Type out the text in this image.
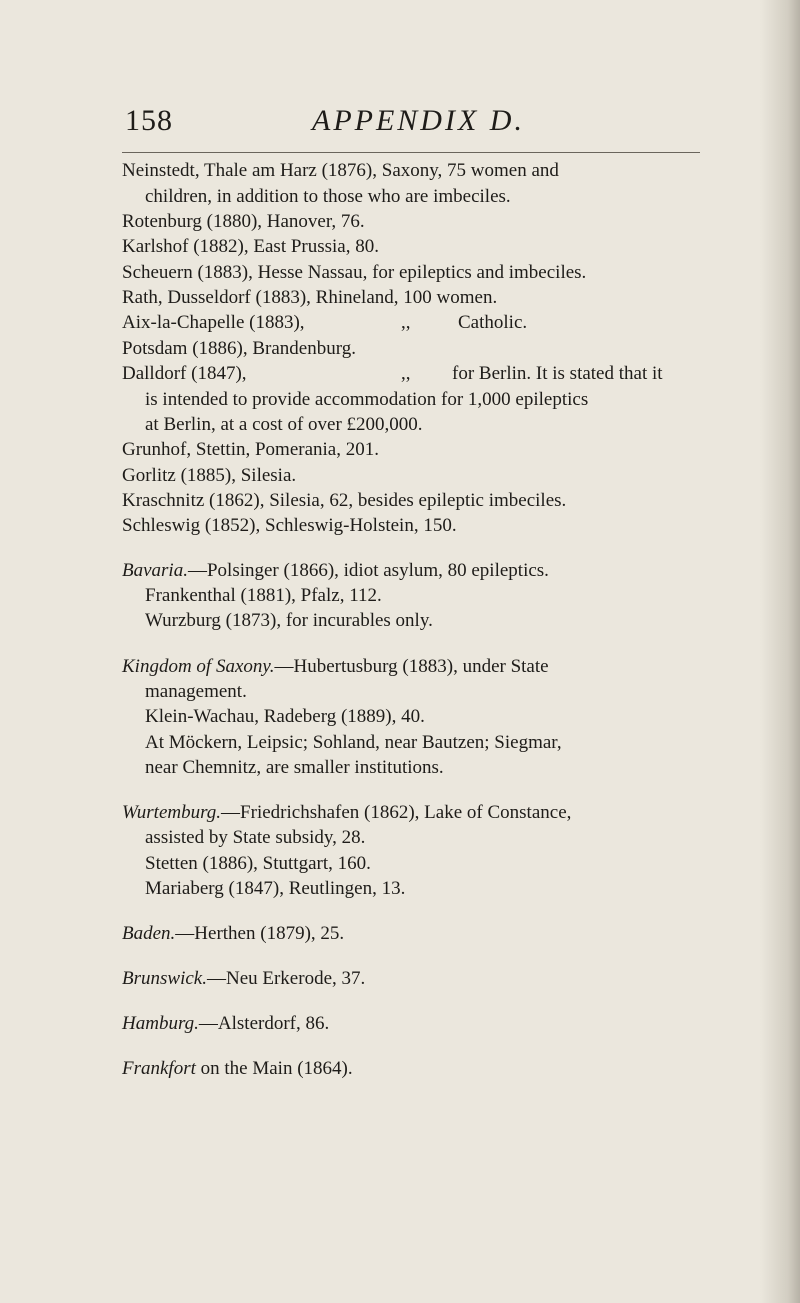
158	APPENDIX D.
Neinstedt, Thale am Harz (1876), Saxony, 75 women and
children, in addition to those who are imbeciles.
Rotenburg (1880), Hanover, 76.
Karlshof (1882), East Prussia, 80.
Scheuern (1883), Hesse Nassau, for epileptics and imbeciles.
Rath, Dusseldorf (1883), Rhineland, 100 women.
Aix-la-Chapelle (1883),	,,	Catholic.
Potsdam (1886), Brandenburg.
Dalldorf (1847),	,, for Berlin. It is stated that it
is intended to provide accommodation for 1,000 epileptics
at Berlin, at a cost of over £200,000.
Grunhof, Stettin, Pomerania, 201.
Gorlitz (1885), Silesia.
Kraschnitz (1862), Silesia, 62, besides epileptic imbeciles.
Schleswig (1852), Schleswig-Holstein, 150.
Bavaria.—Polsinger (1866), idiot asylum, 80 epileptics.
Frankenthal (1881), Pfalz, 112.
Wurzburg (1873), for incurables only.
Kingdom of Saxony.—Hubertusburg (1883), under State
management.
Klein-Wachau, Radeberg (1889), 40.
At Möckern, Leipsic; Sohland, near Bautzen; Siegmar,
near Chemnitz, are smaller institutions.
Wurtemburg.—Friedrichshafen (1862), Lake of Constance,
assisted by State subsidy, 28.
Stetten (1886), Stuttgart, 160.
Mariaberg (1847), Reutlingen, 13.
Baden.—Herthen (1879), 25.
Brunswick.—Neu Erkerode, 37.
Hamburg.—Alsterdorf, 86.
Frankfort on the Main (1864).
